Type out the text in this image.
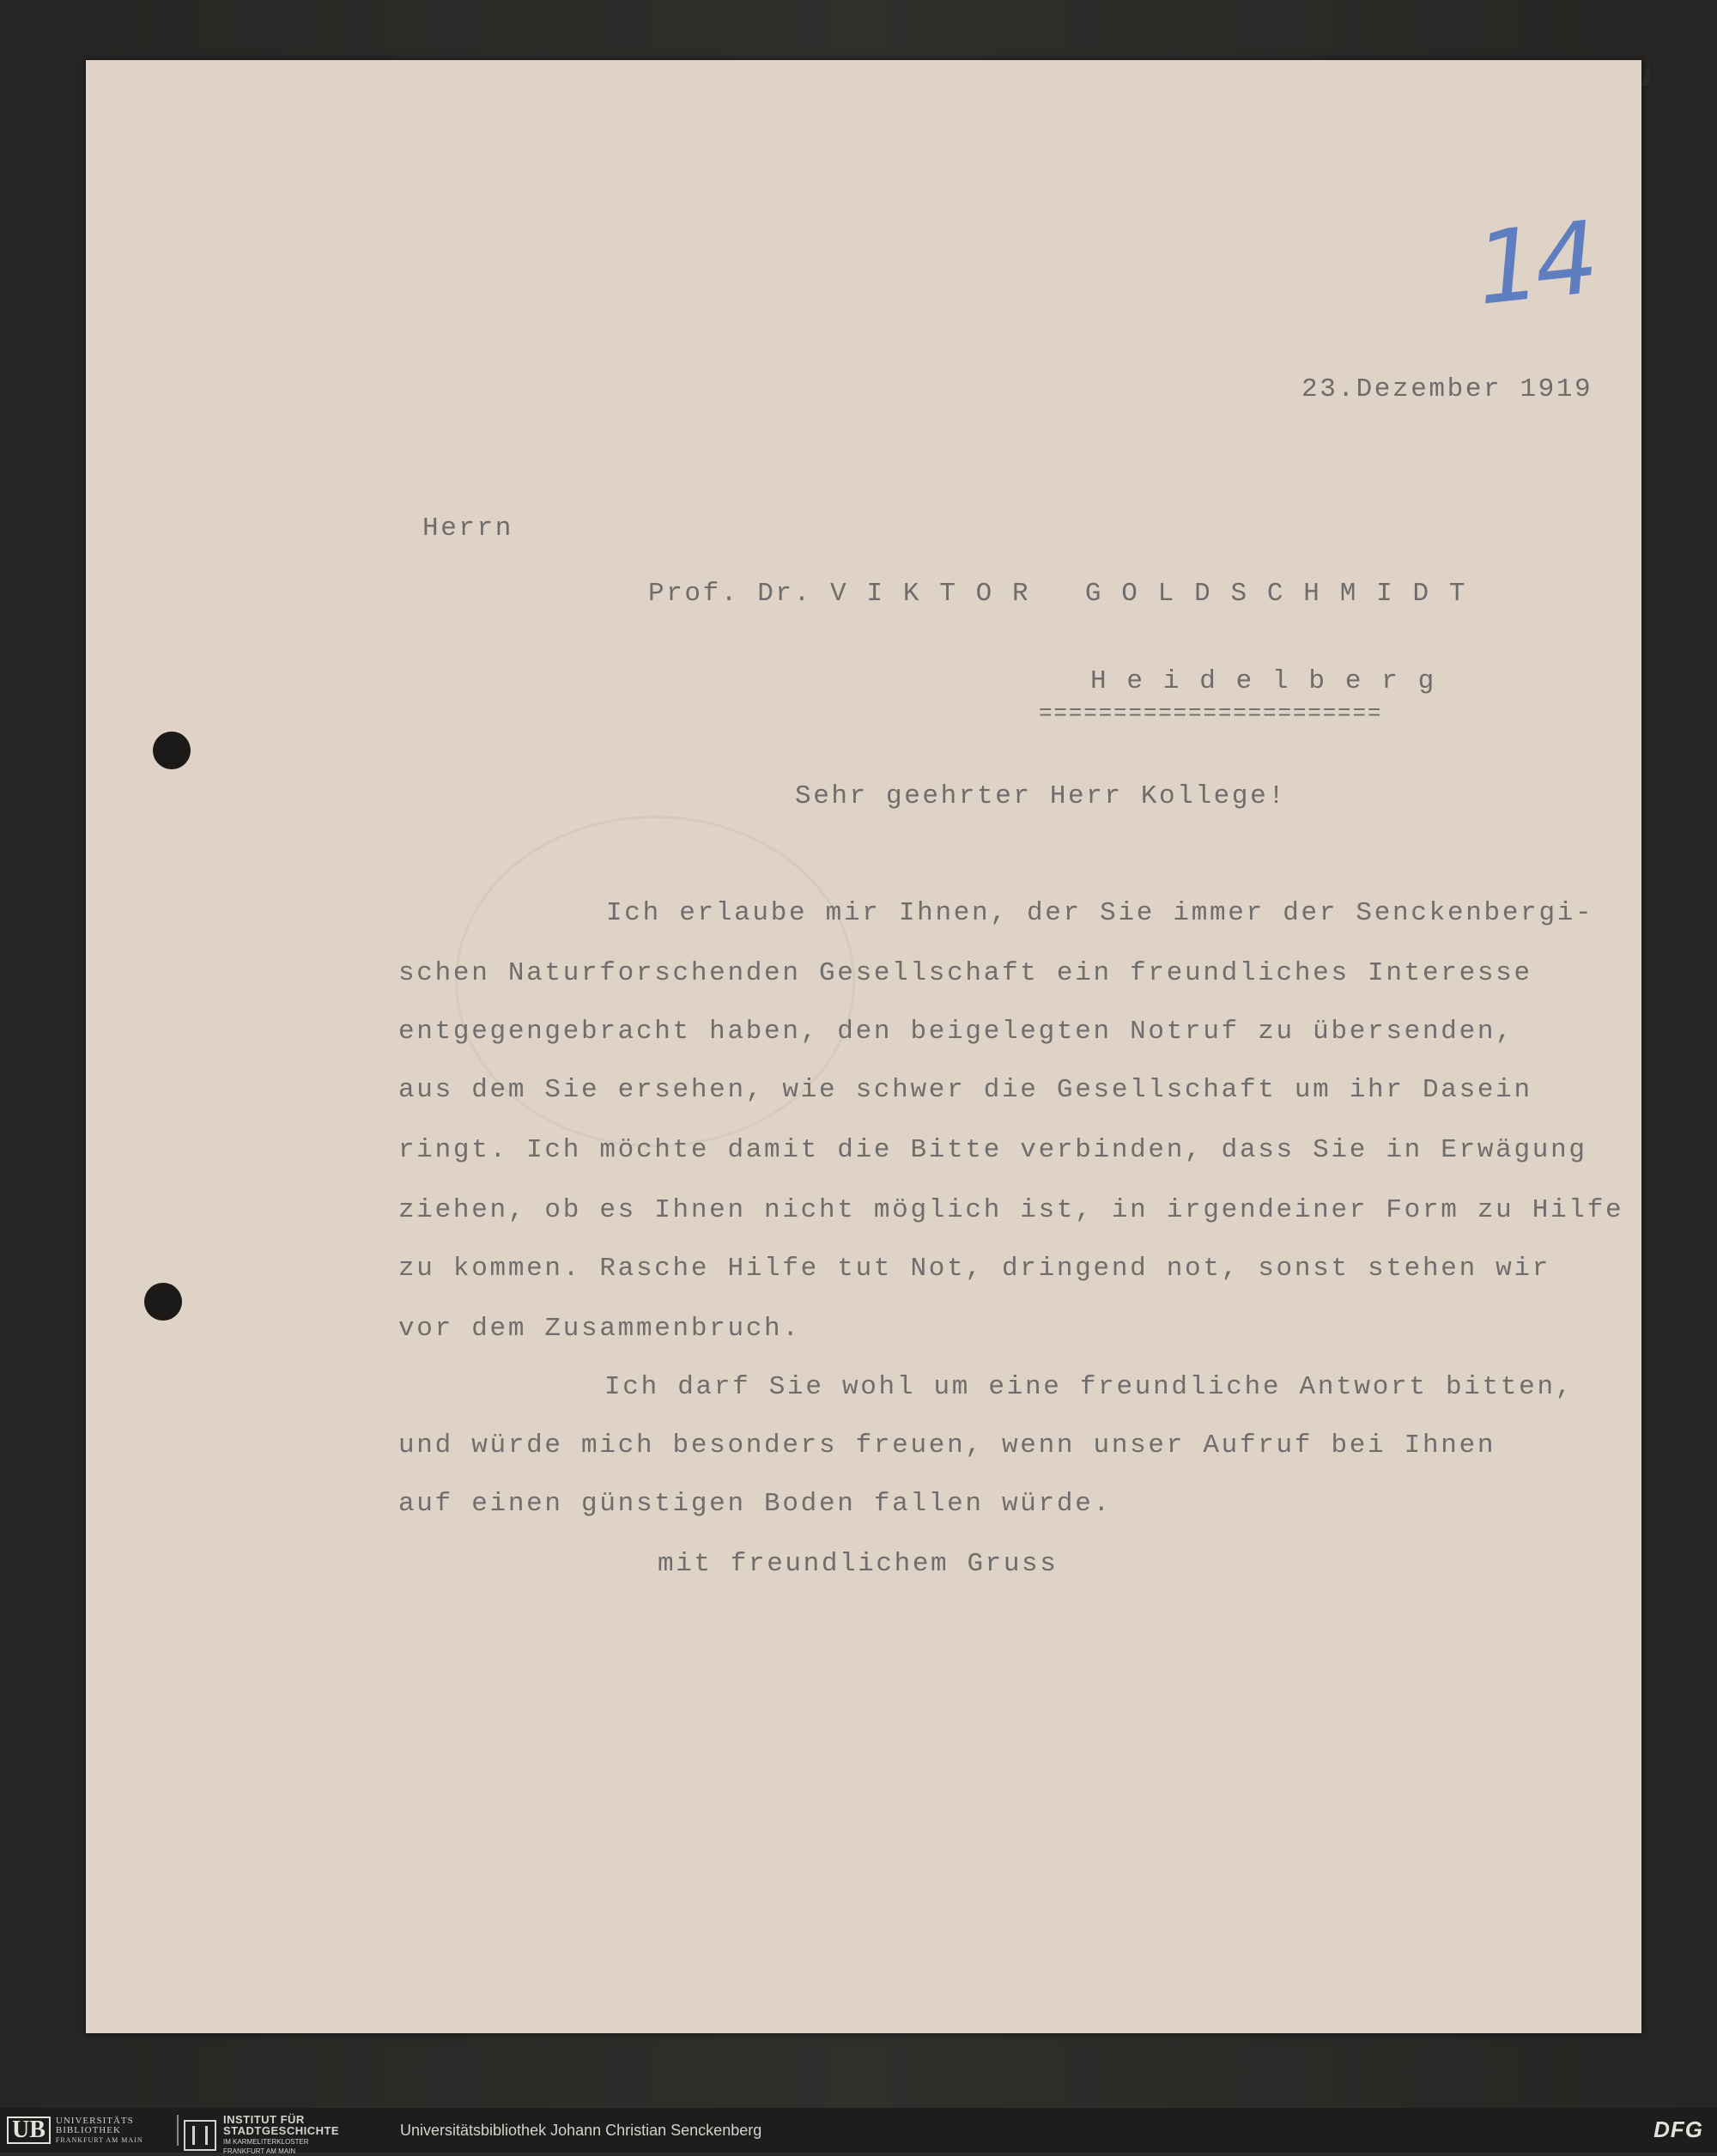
14
23.Dezember 1919
Herrn
Prof. Dr. V I K T O R   G O L D S C H M I D T
H e i d e l b e r g
=======================
Sehr geehrter Herr Kollege!
Ich erlaube mir Ihnen, der Sie immer der Senckenbergi-
schen Naturforschenden Gesellschaft ein freundliches Interesse
entgegengebracht haben, den beigelegten Notruf zu übersenden,
aus dem Sie ersehen, wie schwer die Gesellschaft um ihr Dasein
ringt. Ich möchte damit die Bitte verbinden, dass Sie in Erwägung
ziehen, ob es Ihnen nicht möglich ist, in irgendeiner Form zu Hilfe
zu kommen. Rasche Hilfe tut Not, dringend not, sonst stehen wir
vor dem Zusammenbruch.
Ich darf Sie wohl um eine freundliche Antwort bitten,
und würde mich besonders freuen, wenn unser Aufruf bei Ihnen
auf einen günstigen Boden fallen würde.
mit freundlichem Gruss
UB	UNIVERSITÄTS
BIBLIOTHEK
FRANKFURT AM MAIN
INSTITUT FÜR
STADTGESCHICHTE
IM KARMELITERKLOSTER
FRANKFURT AM MAIN
Universitätsbibliothek Johann Christian Senckenberg	DFG
